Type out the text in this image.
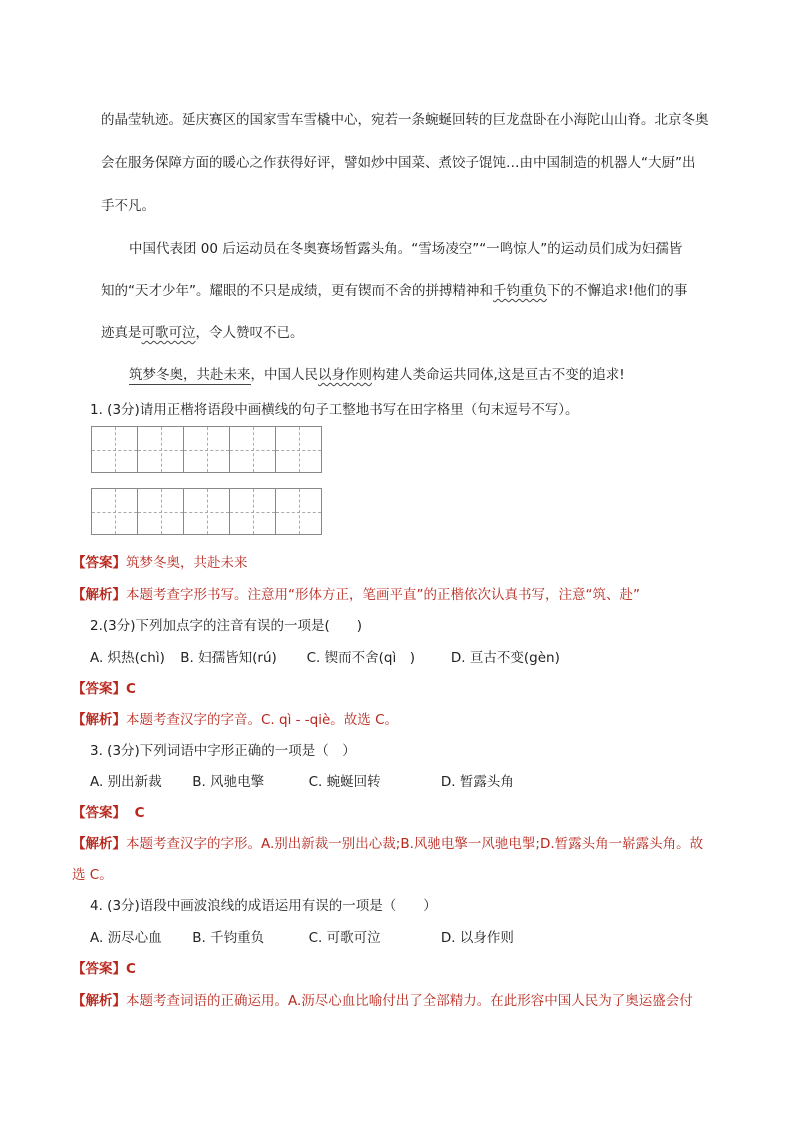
的晶莹轨迹。延庆赛区的国家雪车雪橇中心，宛若一条蜿蜒回转的巨龙盘卧在小海陀山山脊。北京冬奥
会在服务保障方面的暖心之作获得好评，譬如炒中国菜、煮饺子馄饨…由中国制造的机器人“大厨”出
手不凡。
中国代表团 00 后运动员在冬奥赛场暂露头角。“雪场凌空”“一鸣惊人”的运动员们成为妇孺皆
知的“天才少年”。耀眼的不只是成绩，更有锲而不舍的拼搏精神和千钧重负下的不懈追求!他们的事
迹真是可歌可泣，令人赞叹不已。
筑梦冬奥，共赴未来，中国人民以身作则构建人类命运共同体,这是亘古不变的追求!
1. (3分)请用正楷将语段中画横线的句子工整地书写在田字格里（句末逗号不写）。
【答案】筑梦冬奥，共赴未来
【解析】本题考查字形书写。注意用“形体方正，笔画平直”的正楷依次认真书写，注意“筑、赴”
2.(3分)下列加点字的注音有误的一项是(　　)
A. 炽热(chì) B. 妇孺皆知(rú) C. 锲而不舍(qì　)	D. 亘古不变(gèn)
【答案】C
【解析】本题考查汉字的字音。C. qì - -qiè。故选 C。
3. (3分)下列词语中字形正确的一项是（　）
A. 别出新裁 B. 风驰电擎	C. 蜿蜒回转	D. 暂露头角
【答案】 C
【解析】本题考查汉字的字形。A.别出新裁一别出心裁;B.风驰电擎一风驰电掣;D.暂露头角一崭露头角。故
选 C。
4. (3分)语段中画波浪线的成语运用有误的一项是（　　）
A. 沥尽心血 B. 千钧重负	C. 可歌可泣	D. 以身作则
【答案】C
【解析】本题考查词语的正确运用。A.沥尽心血比喻付出了全部精力。在此形容中国人民为了奥运盛会付
